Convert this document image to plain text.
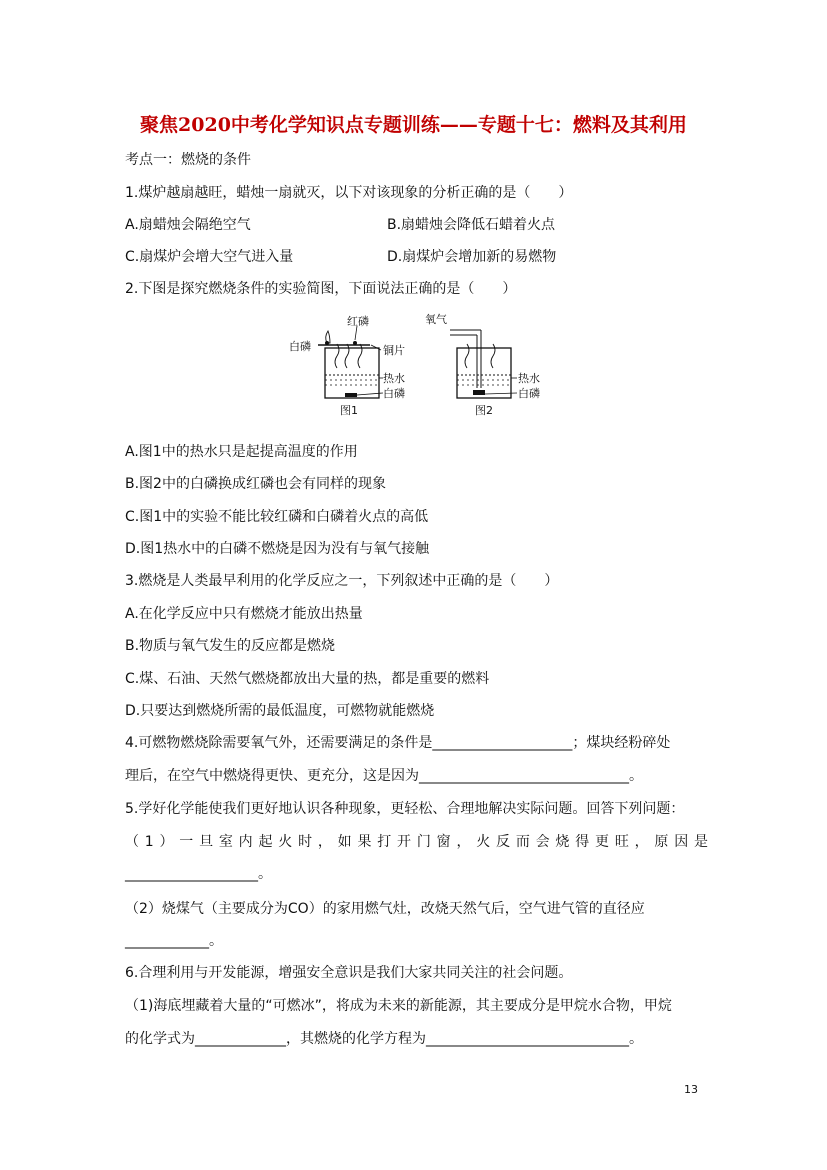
聚焦2020中考化学知识点专题训练——专题十七：燃料及其利用
考点一：燃烧的条件
1.煤炉越扇越旺，蜡烛一扇就灭，以下对该现象的分析正确的是（　　）
A.扇蜡烛会隔绝空气	B.扇蜡烛会降低石蜡着火点
C.扇煤炉会增大空气进入量	D.扇煤炉会增加新的易燃物
2.下图是探究燃烧条件的实验简图，下面说法正确的是（　　）
白磷
红磷
铜片
热水
白磷
图1
氧气
热水
白磷
图2
A.图1中的热水只是起提高温度的作用
B.图2中的白磷换成红磷也会有同样的现象
C.图1中的实验不能比较红磷和白磷着火点的高低
D.图1热水中的白磷不燃烧是因为没有与氧气接触
3.燃烧是人类最早利用的化学反应之一，下列叙述中正确的是（　　）
A.在化学反应中只有燃烧才能放出热量
B.物质与氧气发生的反应都是燃烧
C.煤、石油、天然气燃烧都放出大量的热，都是重要的燃料
D.只要达到燃烧所需的最低温度，可燃物就能燃烧
4.可燃物燃烧除需要氧气外，还需要满足的条件是____________________；煤块经粉碎处
理后，在空气中燃烧得更快、更充分，这是因为______________________________。
5.学好化学能使我们更好地认识各种现象，更轻松、合理地解决实际问题。回答下列问题：
（1）一旦室内起火时，如果打开门窗，火反而会烧得更旺，原因是
___________________。
（2）烧煤气（主要成分为CO）的家用燃气灶，改烧天然气后，空气进气管的直径应
____________。
6.合理利用与开发能源，增强安全意识是我们大家共同关注的社会问题。
（1)海底埋藏着大量的“可燃冰”，将成为未来的新能源，其主要成分是甲烷水合物，甲烷
的化学式为_____________，其燃烧的化学方程为_____________________________。
13
